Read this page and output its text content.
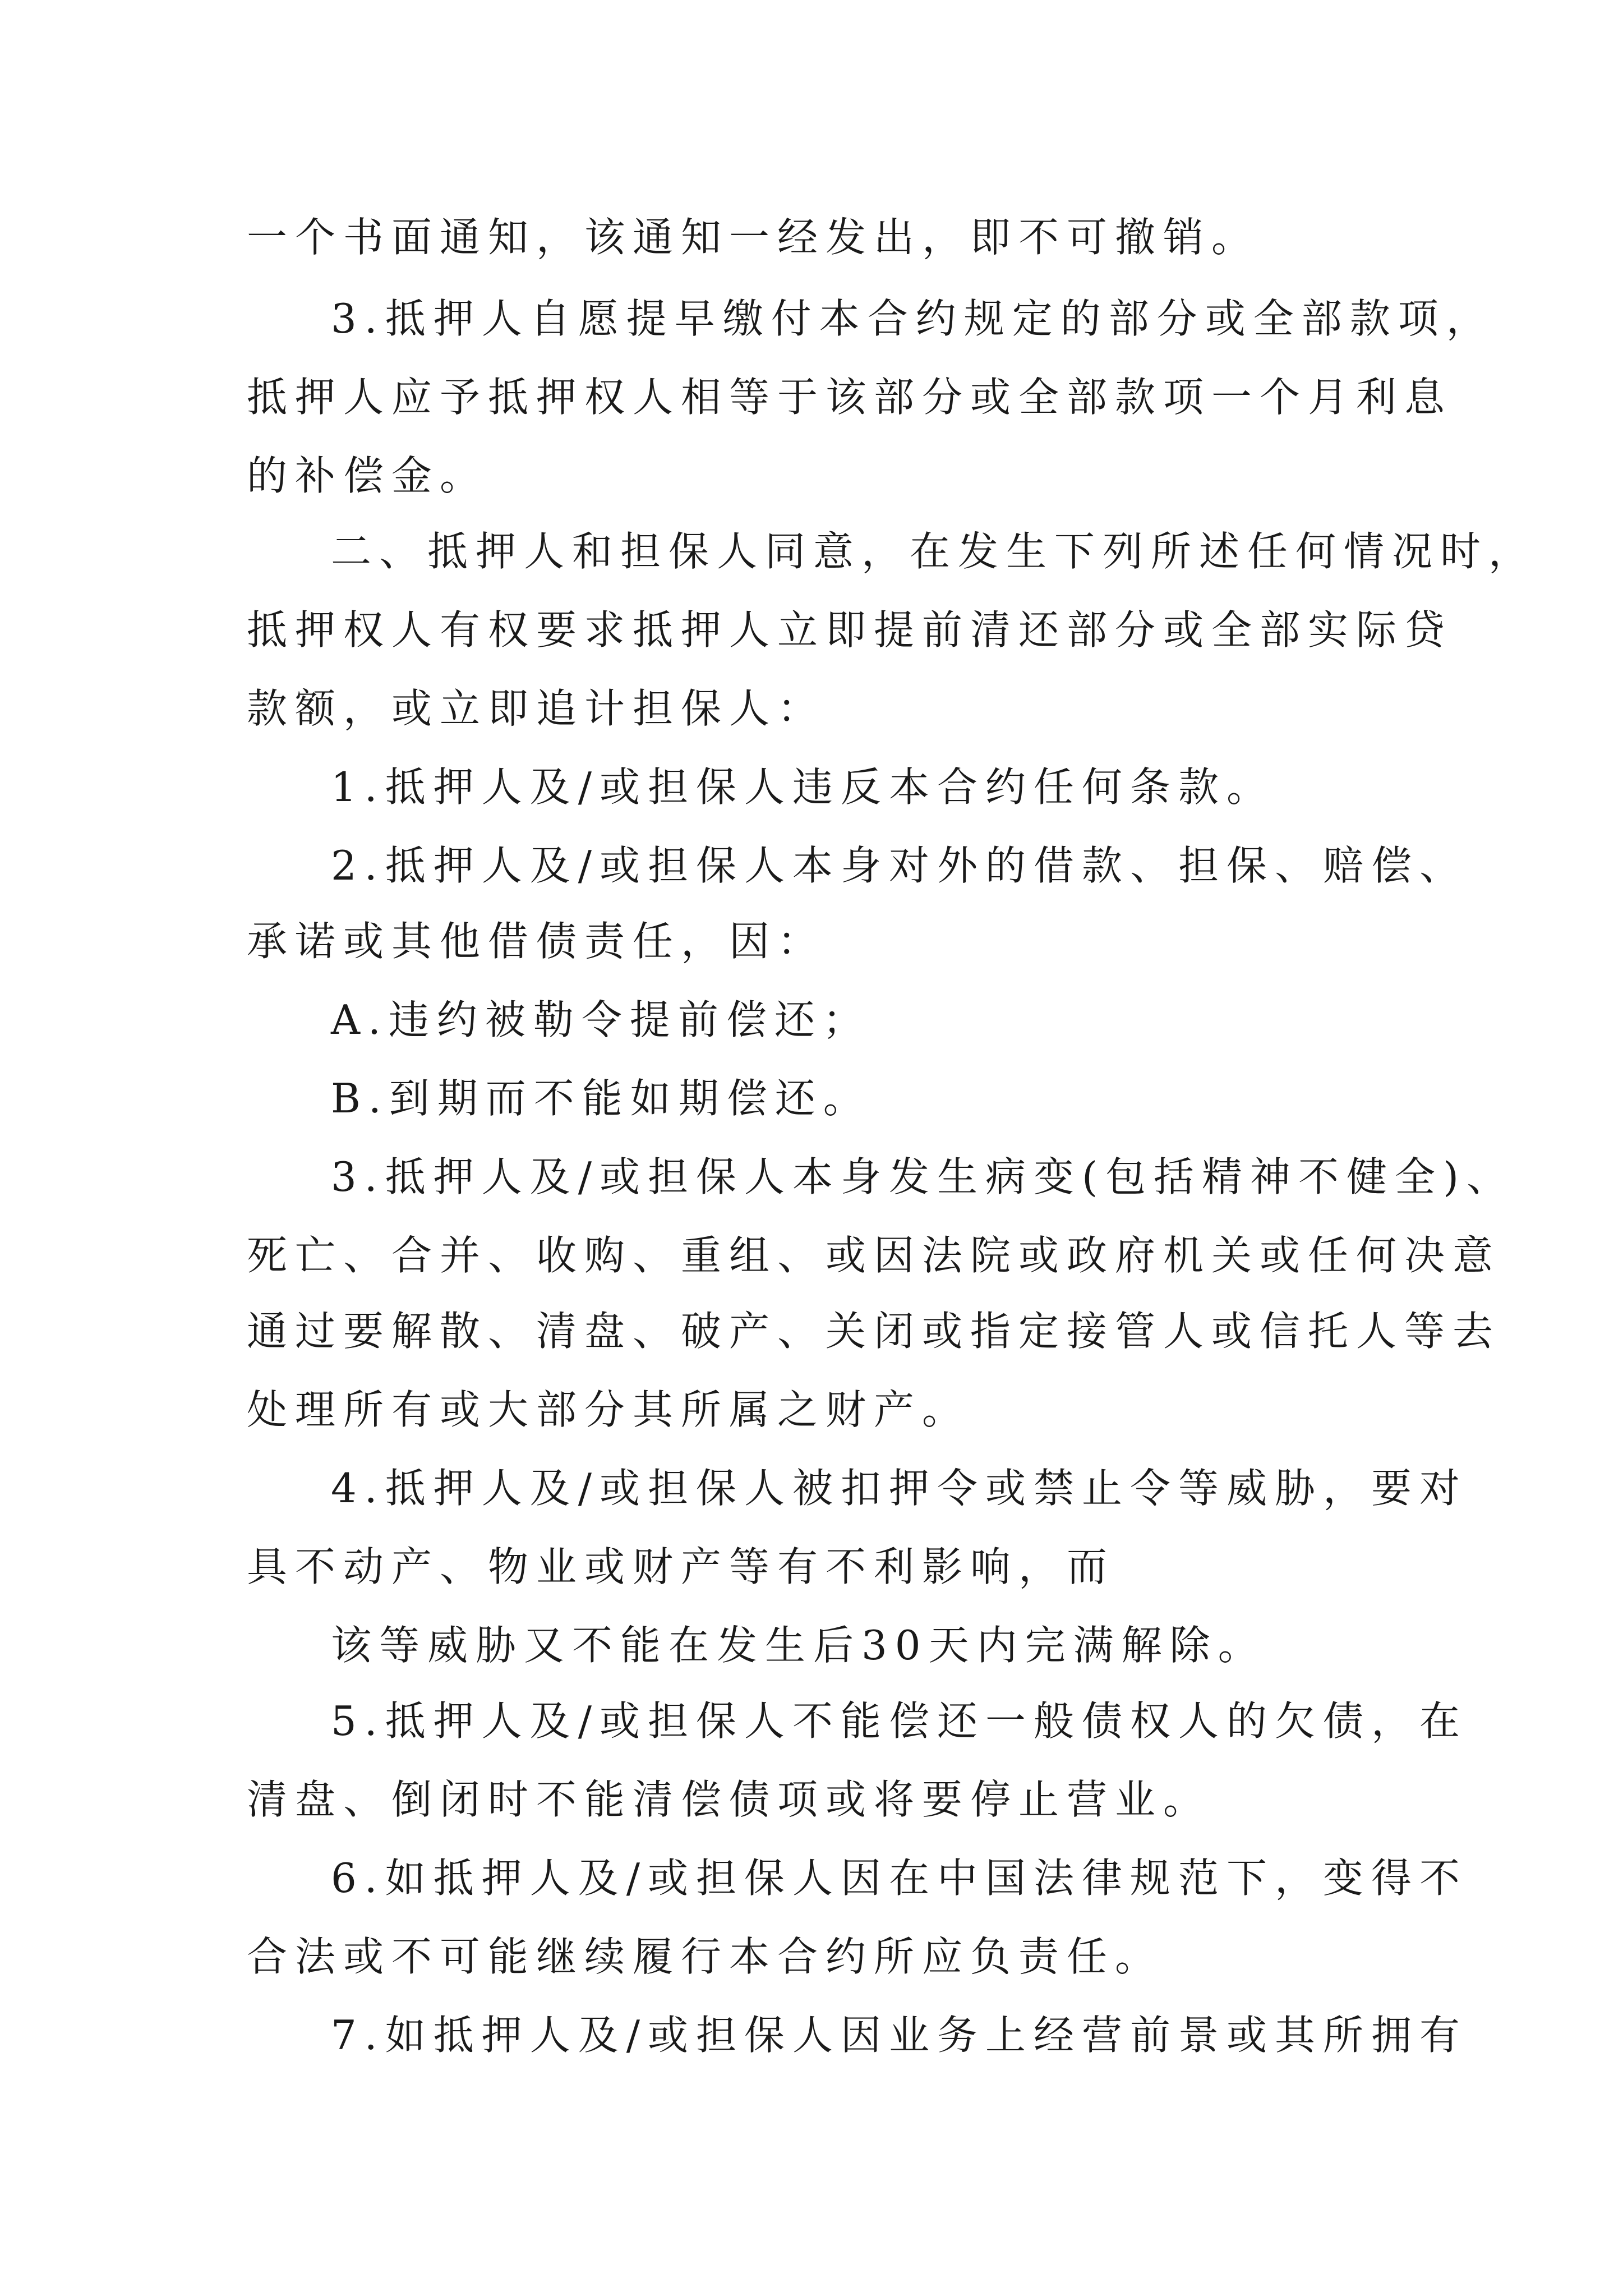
一个书面通知，该通知一经发出，即不可撤销。

3.抵押人自愿提早缴付本合约规定的部分或全部款项，

抵押人应予抵押权人相等于该部分或全部款项一个月利息

的补偿金。

二、抵押人和担保人同意，在发生下列所述任何情况时，

抵押权人有权要求抵押人立即提前清还部分或全部实际贷

款额，或立即追计担保人：

1.抵押人及/或担保人违反本合约任何条款。

2.抵押人及/或担保人本身对外的借款、担保、赔偿、

承诺或其他借债责任，因：

A.违约被勒令提前偿还；

B.到期而不能如期偿还。

3.抵押人及/或担保人本身发生病变(包括精神不健全)、

死亡、合并、收购、重组、或因法院或政府机关或任何决意

通过要解散、清盘、破产、关闭或指定接管人或信托人等去

处理所有或大部分其所属之财产。

4.抵押人及/或担保人被扣押令或禁止令等威胁，要对

具不动产、物业或财产等有不利影响，而

该等威胁又不能在发生后30天内完满解除。

5.抵押人及/或担保人不能偿还一般债权人的欠债，在

清盘、倒闭时不能清偿债项或将要停止营业。

6.如抵押人及/或担保人因在中国法律规范下，变得不

合法或不可能继续履行本合约所应负责任。

7.如抵押人及/或担保人因业务上经营前景或其所拥有
